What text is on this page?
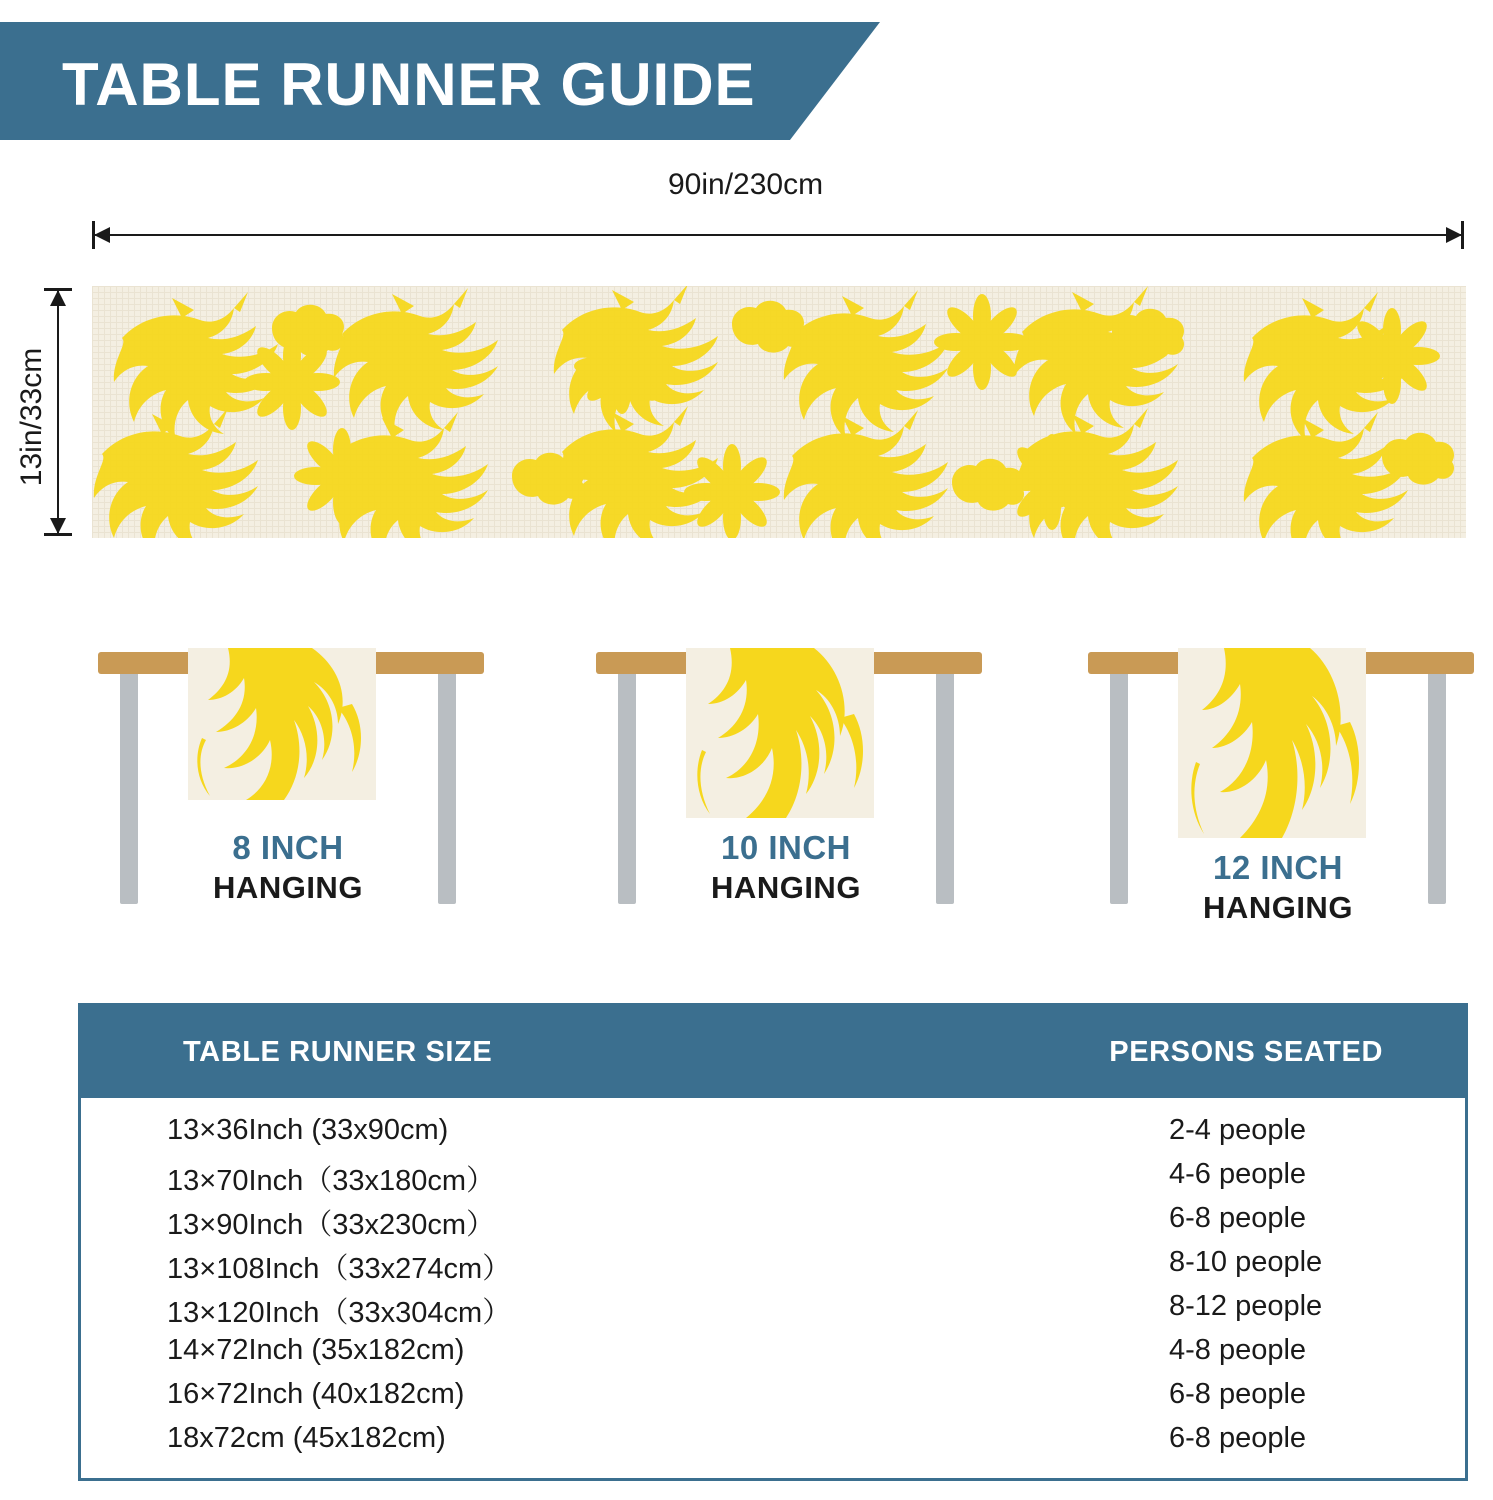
TABLE RUNNER GUIDE
90in/230cm
13in/33cm
8 INCH
HANGING
10 INCH
HANGING
12 INCH
HANGING
TABLE RUNNER SIZE	PERSONS SEATED
13×36Inch (33x90cm)	2-4 people
13×70Inch（33x180cm）	4-6 people
13×90Inch（33x230cm）	6-8 people
13×108Inch（33x274cm）	8-10 people
13×120Inch（33x304cm）	8-12 people
14×72Inch (35x182cm)	4-8 people
16×72Inch (40x182cm)	6-8 people
18x72cm (45x182cm)	6-8 people
